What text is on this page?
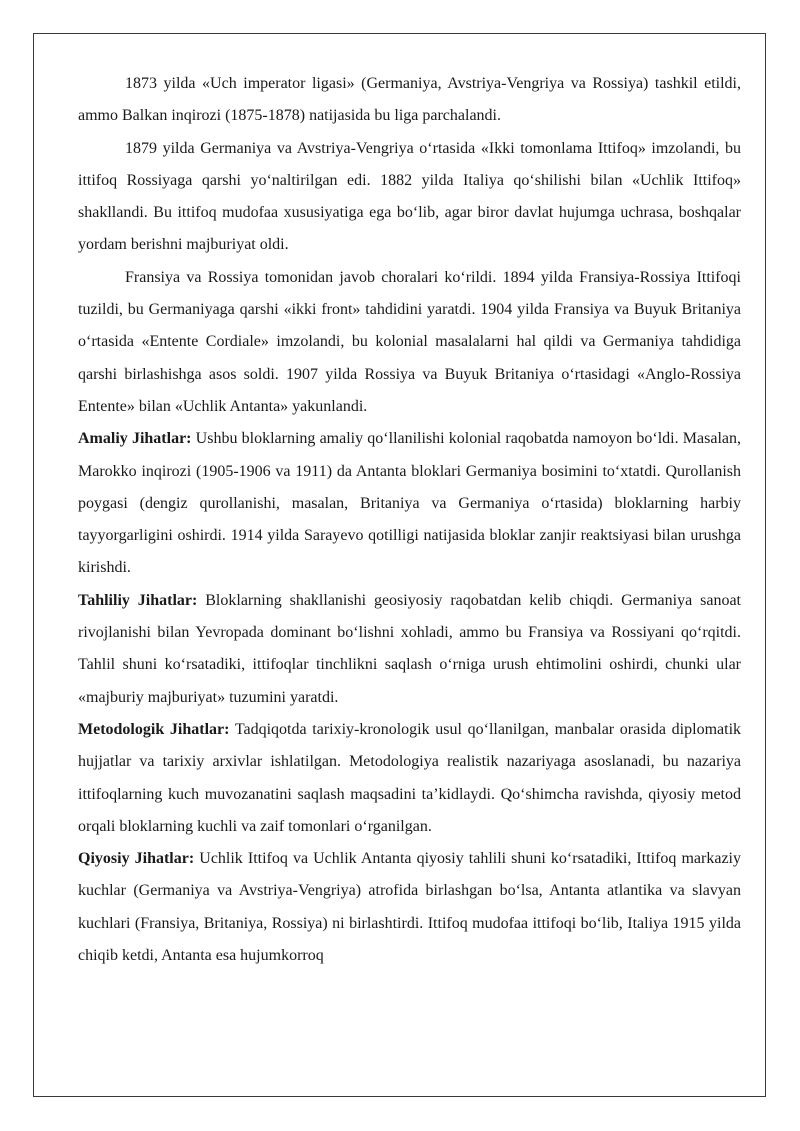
1873 yilda «Uch imperator ligasi» (Germaniya, Avstriya-Vengriya va Rossiya) tashkil etildi, ammo Balkan inqirozi (1875-1878) natijasida bu liga parchalandi.

1879 yilda Germaniya va Avstriya-Vengriya oʻrtasida «Ikki tomonlama Ittifoq» imzolandi, bu ittifoq Rossiyaga qarshi yoʻnaltirilgan edi. 1882 yilda Italiya qoʻshilishi bilan «Uchlik Ittifoq» shakllandi. Bu ittifoq mudofaa xususiyatiga ega boʻlib, agar biror davlat hujumga uchrasa, boshqalar yordam berishni majburiyat oldi.

Fransiya va Rossiya tomonidan javob choralari koʻrildi. 1894 yilda Fransiya-Rossiya Ittifoqi tuzildi, bu Germaniyaga qarshi «ikki front» tahdidini yaratdi. 1904 yilda Fransiya va Buyuk Britaniya oʻrtasida «Entente Cordiale» imzolandi, bu kolonial masalalarni hal qildi va Germaniya tahdidiga qarshi birlashishga asos soldi. 1907 yilda Rossiya va Buyuk Britaniya oʻrtasidagi «Anglo-Rossiya Entente» bilan «Uchlik Antanta» yakunlandi.

Amaliy Jihatlar: Ushbu bloklarning amaliy qoʻllanilishi kolonial raqobatda namoyon boʻldi. Masalan, Marokko inqirozi (1905-1906 va 1911) da Antanta bloklari Germaniya bosimini toʻxtatdi. Qurollanish poygasi (dengiz qurollanishi, masalan, Britaniya va Germaniya oʻrtasida) bloklarning harbiy tayyorgarligini oshirdi. 1914 yilda Sarayevo qotilligi natijasida bloklar zanjir reaktsiyasi bilan urushga kirishdi.

Tahliliy Jihatlar: Bloklarning shakllanishi geosiyosiy raqobatdan kelib chiqdi. Germaniya sanoat rivojlanishi bilan Yevropada dominant boʻlishni xohladi, ammo bu Fransiya va Rossiyani qoʻrqitdi. Tahlil shuni koʻrsatadiki, ittifoqlar tinchlikni saqlash oʻrniga urush ehtimolini oshirdi, chunki ular «majburiy majburiyat» tuzumini yaratdi.

Metodologik Jihatlar: Tadqiqotda tarixiy-kronologik usul qoʻllanilgan, manbalar orasida diplomatik hujjatlar va tarixiy arxivlar ishlatilgan. Metodologiya realistik nazariyaga asoslanadi, bu nazariya ittifoqlarning kuch muvozanatini saqlash maqsadini taʼkidlaydi. Qoʻshimcha ravishda, qiyosiy metod orqali bloklarning kuchli va zaif tomonlari oʻrganilgan.

Qiyosiy Jihatlar: Uchlik Ittifoq va Uchlik Antanta qiyosiy tahlili shuni koʻrsatadiki, Ittifoq markaziy kuchlar (Germaniya va Avstriya-Vengriya) atrofida birlashgan boʻlsa, Antanta atlantika va slavyan kuchlari (Fransiya, Britaniya, Rossiya) ni birlashtirdi. Ittifoq mudofaa ittifoqi boʻlib, Italiya 1915 yilda chiqib ketdi, Antanta esa hujumkorroq
